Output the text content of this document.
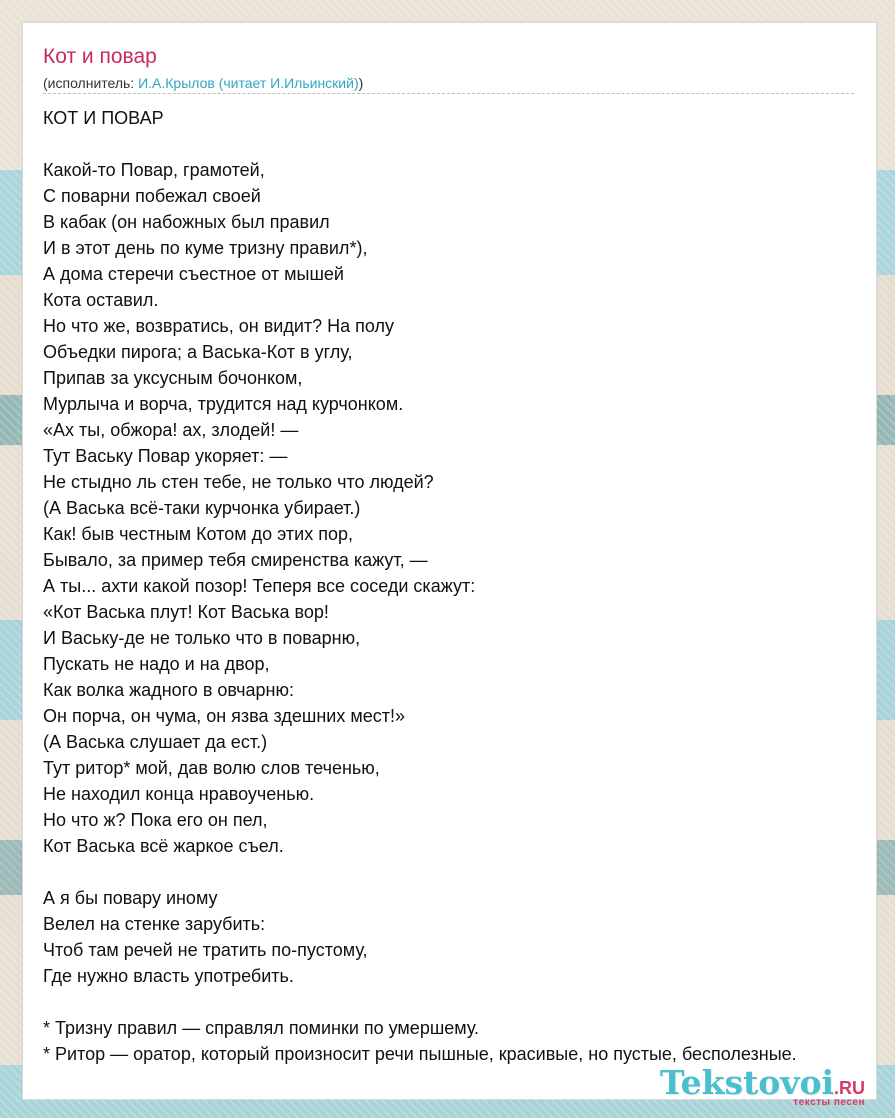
Кот и повар
(исполнитель: И.А.Крылов (читает И.Ильинский))
КОТ И ПОВАР

Какой-то Повар, грамотей,
С поварни побежал своей
В кабак (он набожных был правил
И в этот день по куме тризну правил*),
А дома стеречи съестное от мышей
Кота оставил.
Но что же, возвратись, он видит? На полу
Объедки пирога; а Васька-Кот в углу,
Припав за уксусным бочонком,
Мурлыча и ворча, трудится над курчонком.
«Ах ты, обжора! ах, злодей! —
Тут Ваську Повар укоряет: —
Не стыдно ль стен тебе, не только что людей?
(А Васька всё-таки курчонка убирает.)
Как! быв честным Котом до этих пор,
Бывало, за пример тебя смиренства кажут, —
А ты... ахти какой позор! Теперя все соседи скажут:
«Кот Васька плут! Кот Васька вор!
И Ваську-де не только что в поварню,
Пускать не надо и на двор,
Как волка жадного в овчарню:
Он порча, он чума, он язва здешних мест!»
(А Васька слушает да ест.)
Тут ритор* мой, дав волю слов теченью,
Не находил конца нравоученью.
Но что ж? Пока его он пел,
Кот Васька всё жаркое съел.

А я бы повару иному
Велел на стенке зарубить:
Чтоб там речей не тратить по-пустому,
Где нужно власть употребить.

* Тризну правил — справлял поминки по умершему.
* Ритор — оратор, который произносит речи пышные, красивые, но пустые, бесполезные.
Tekstovoi.RU
тексты песен
